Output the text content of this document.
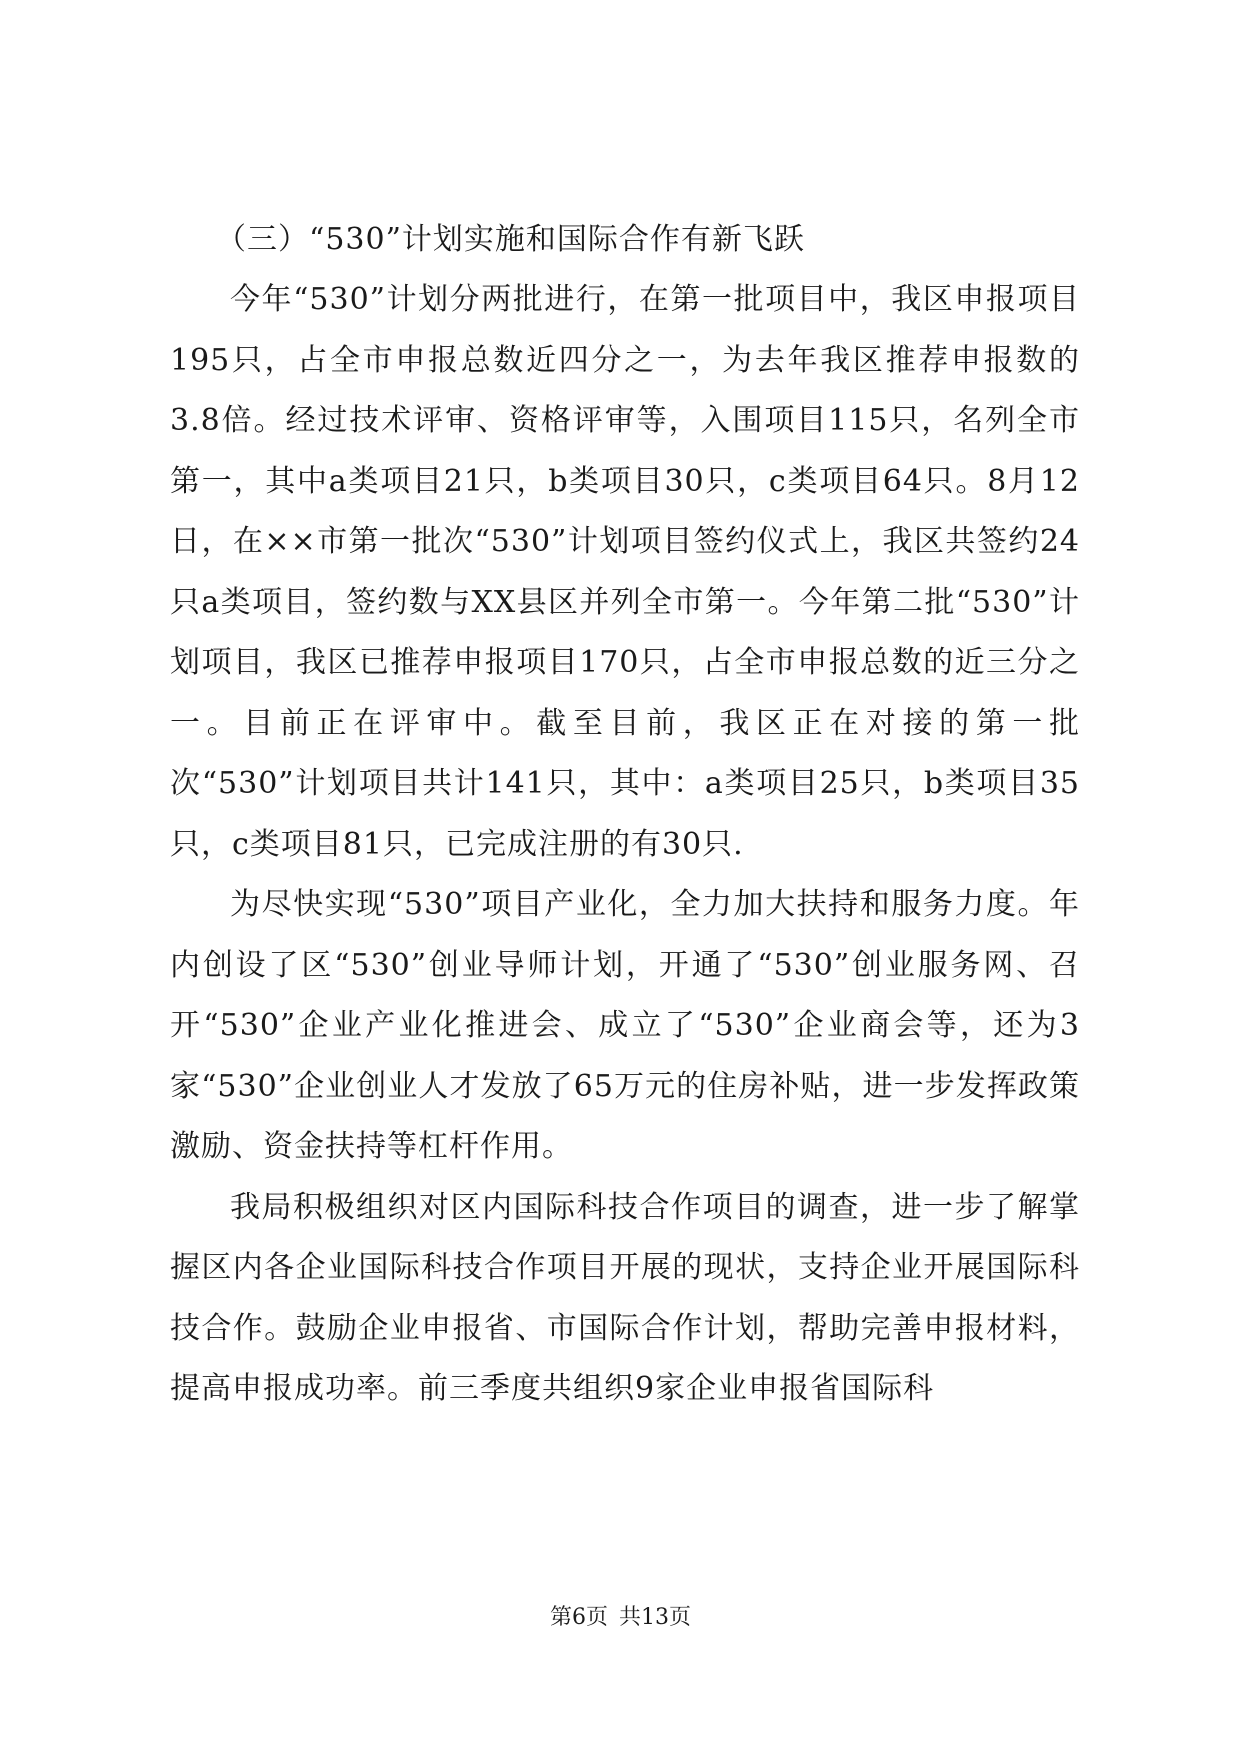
（三）“530”计划实施和国际合作有新飞跃

今年“530”计划分两批进行，在第一批项目中，我区申报项目195只，占全市申报总数近四分之一，为去年我区推荐申报数的3.8倍。经过技术评审、资格评审等，入围项目115只，名列全市第一，其中a类项目21只，b类项目30只，c类项目64只。8月12日，在××市第一批次“530”计划项目签约仪式上，我区共签约24只a类项目，签约数与XX县区并列全市第一。今年第二批“530”计划项目，我区已推荐申报项目170只，占全市申报总数的近三分之一。目前正在评审中。截至目前，我区正在对接的第一批次“530”计划项目共计141只，其中：a类项目25只，b类项目35只，c类项目81只，已完成注册的有30只.

为尽快实现“530”项目产业化，全力加大扶持和服务力度。年内创设了区“530”创业导师计划，开通了“530”创业服务网、召开“530”企业产业化推进会、成立了“530”企业商会等，还为3家“530”企业创业人才发放了65万元的住房补贴，进一步发挥政策激励、资金扶持等杠杆作用。

我局积极组织对区内国际科技合作项目的调查，进一步了解掌握区内各企业国际科技合作项目开展的现状，支持企业开展国际科技合作。鼓励企业申报省、市国际合作计划，帮助完善申报材料，提高申报成功率。前三季度共组织9家企业申报省国际科

第6页 共13页
